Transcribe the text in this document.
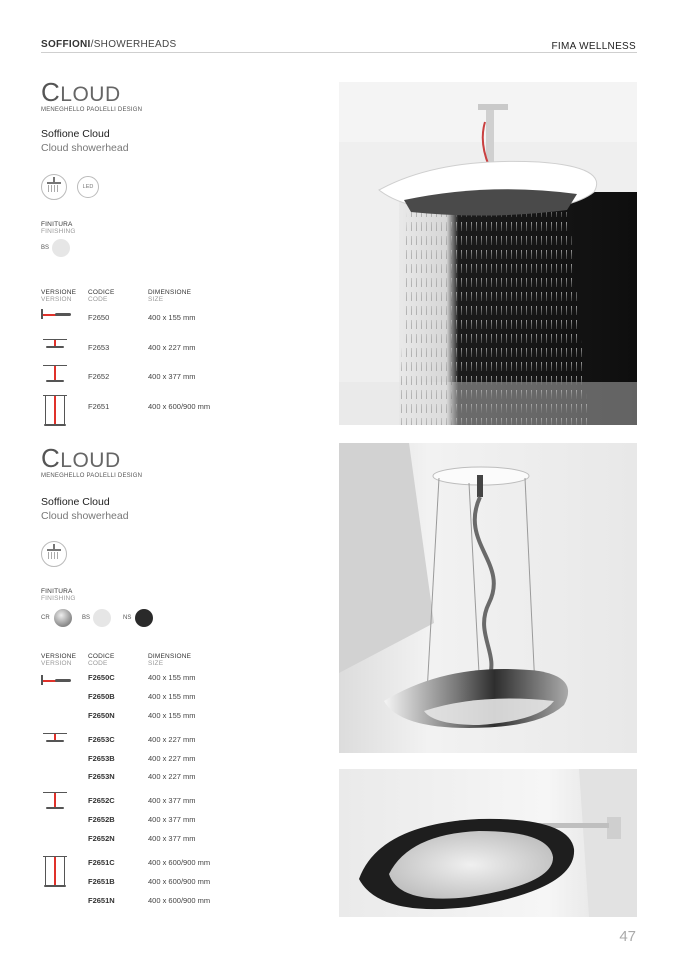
SOFFIONI/SHOWERHEADS	FIMA WELLNESS
CLOUD
MENEGHELLO PAOLELLI DESIGN
Soffione Cloud
Cloud showerhead
LED
FINITURA
FINISHING
BS
VERSIONE
VERSION
CODICE
CODE
DIMENSIONE
SIZE
F2650	400 x 155 mm
F2653	400 x 227 mm
F2652	400 x 377 mm
F2651	400 x 600/900 mm
CLOUD
MENEGHELLO PAOLELLI DESIGN
Soffione Cloud
Cloud showerhead
FINITURA
FINISHING
CR	BS	NS
VERSIONE
VERSION
CODICE
CODE
DIMENSIONE
SIZE
F2650C	400 x 155 mm
F2650B	400 x 155 mm
F2650N	400 x 155 mm
F2653C	400 x 227 mm
F2653B	400 x 227 mm
F2653N	400 x 227 mm
F2652C	400 x 377 mm
F2652B	400 x 377 mm
F2652N	400 x 377 mm
F2651C	400 x 600/900 mm
F2651B	400 x 600/900 mm
F2651N	400 x 600/900 mm
47
